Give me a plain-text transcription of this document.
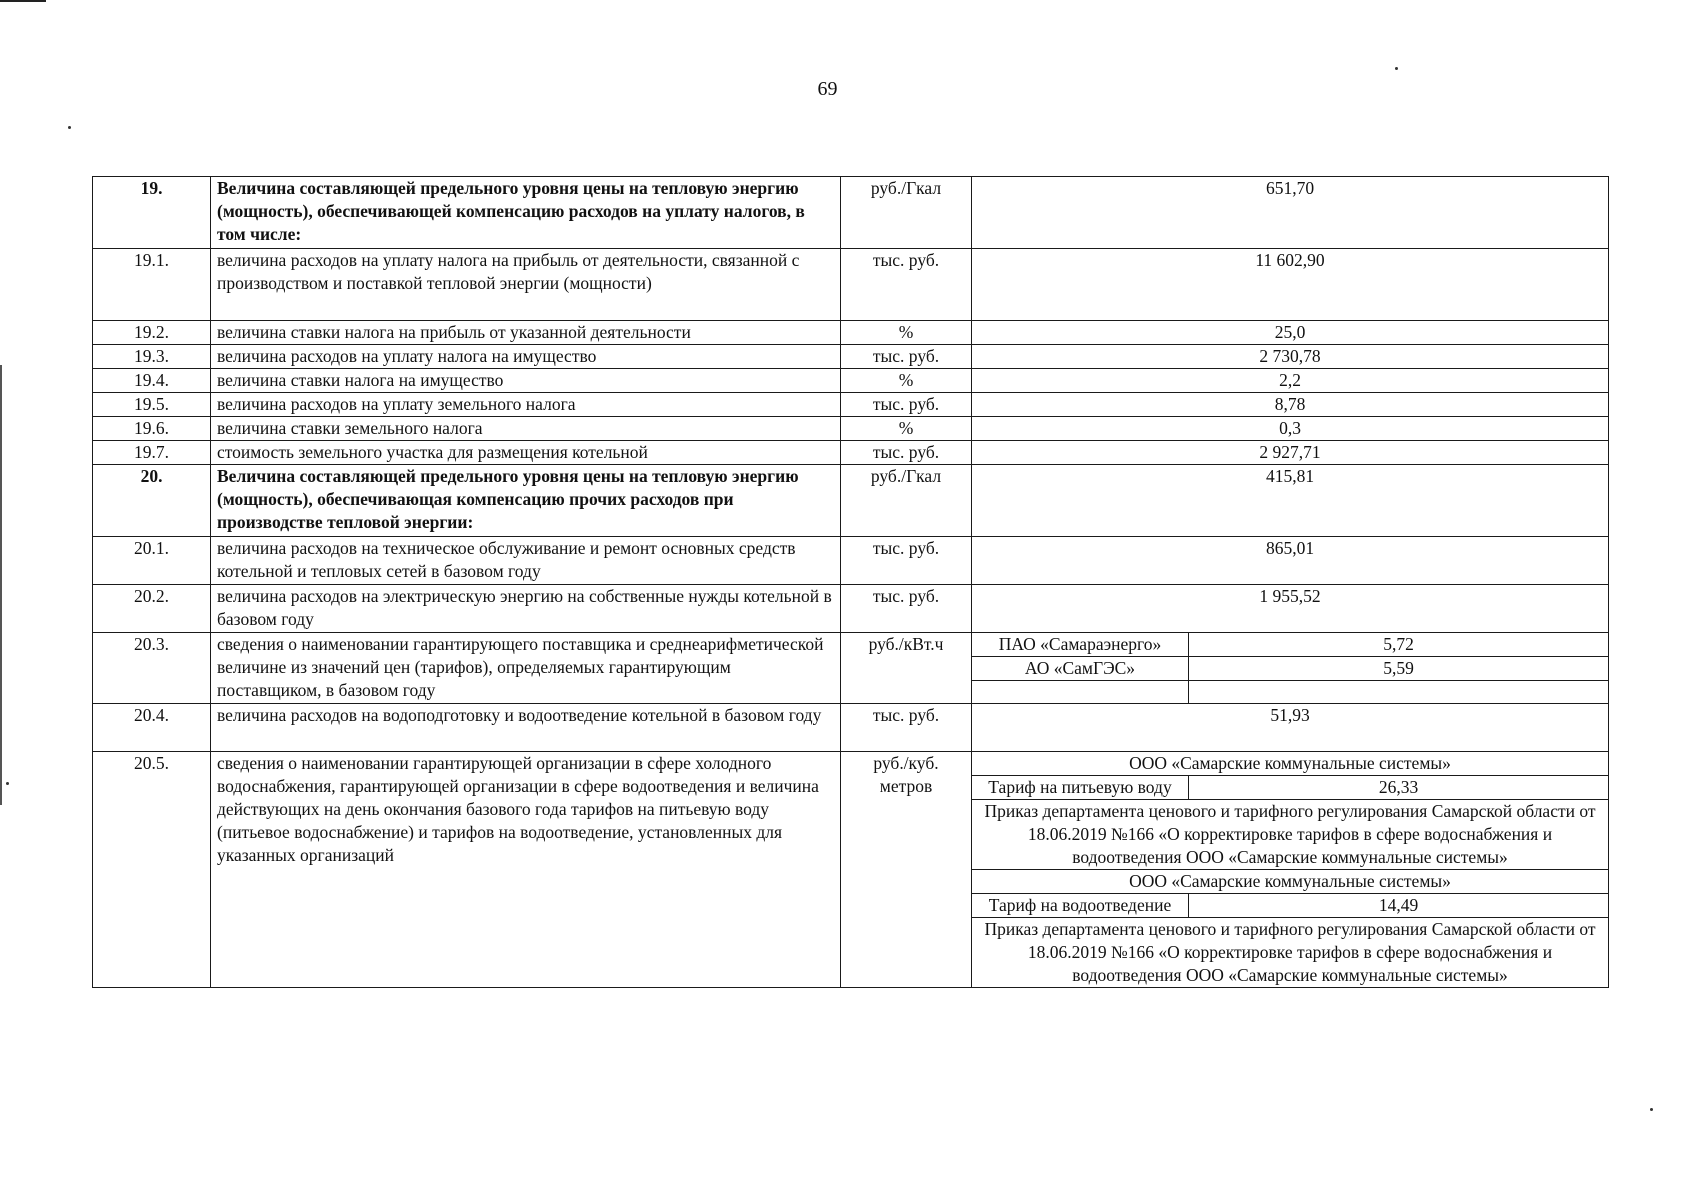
69
19.	Величина составляющей предельного уровня цены на тепловую энергию (мощность), обеспечивающей компенсацию расходов на уплату налогов, в том числе:	руб./Гкал	651,70	
19.1.	величина расходов на уплату налога на прибыль от деятельности, связанной с производством и поставкой тепловой энергии (мощности)	тыс. руб.	11 602,90	
19.2.	величина ставки налога на прибыль от указанной деятельности	%	25,0	
19.3.	величина расходов на уплату налога на имущество	тыс. руб.	2 730,78	
19.4.	величина ставки налога на имущество	%	2,2	
19.5.	величина расходов на уплату земельного налога	тыс. руб.	8,78	
19.6.	величина ставки земельного налога	%	0,3	
19.7.	стоимость земельного участка для размещения котельной	тыс. руб.	2 927,71	
20.	Величина составляющей предельного уровня цены на тепловую энергию (мощность), обеспечивающая компенсацию прочих расходов при производстве тепловой энергии:	руб./Гкал	415,81	
20.1.	величина расходов на техническое обслуживание и ремонт основных средств котельной и тепловых сетей в базовом году	тыс. руб.	865,01	
20.2.	величина расходов на электрическую энергию на собственные нужды котельной в базовом году	тыс. руб.	1 955,52	
20.3.	сведения о наименовании гарантирующего поставщика и среднеарифметической величине из значений цен (тарифов), определяемых гарантирующим поставщиком, в базовом году	руб./кВт.ч	ПАО «Самараэнерго»	5,72
			АО «СамГЭС»	5,59

20.4.	величина расходов на водоподготовку и водоотведение котельной в базовом году	тыс. руб.	51,93	
20.5.	сведения о наименовании гарантирующей организации в сфере холодного водоснабжения, гарантирующей организации в сфере водоотведения и величина действующих на день окончания базового года тарифов на питьевую воду (питьевое водоснабжение) и тарифов на водоотведение, установленных для указанных организаций	руб./куб. метров	ООО «Самарские коммунальные системы»	
			Тариф на питьевую воду	26,33
			Приказ департамента ценового и тарифного регулирования Самарской области от 18.06.2019 №166 «О корректировке тарифов в сфере водоснабжения и водоотведения ООО «Самарские коммунальные системы»	
			ООО «Самарские коммунальные системы»	
			Тариф на водоотведение	14,49
			Приказ департамента ценового и тарифного регулирования Самарской области от 18.06.2019 №166 «О корректировке тарифов в сфере водоснабжения и водоотведения ООО «Самарские коммунальные системы»	
